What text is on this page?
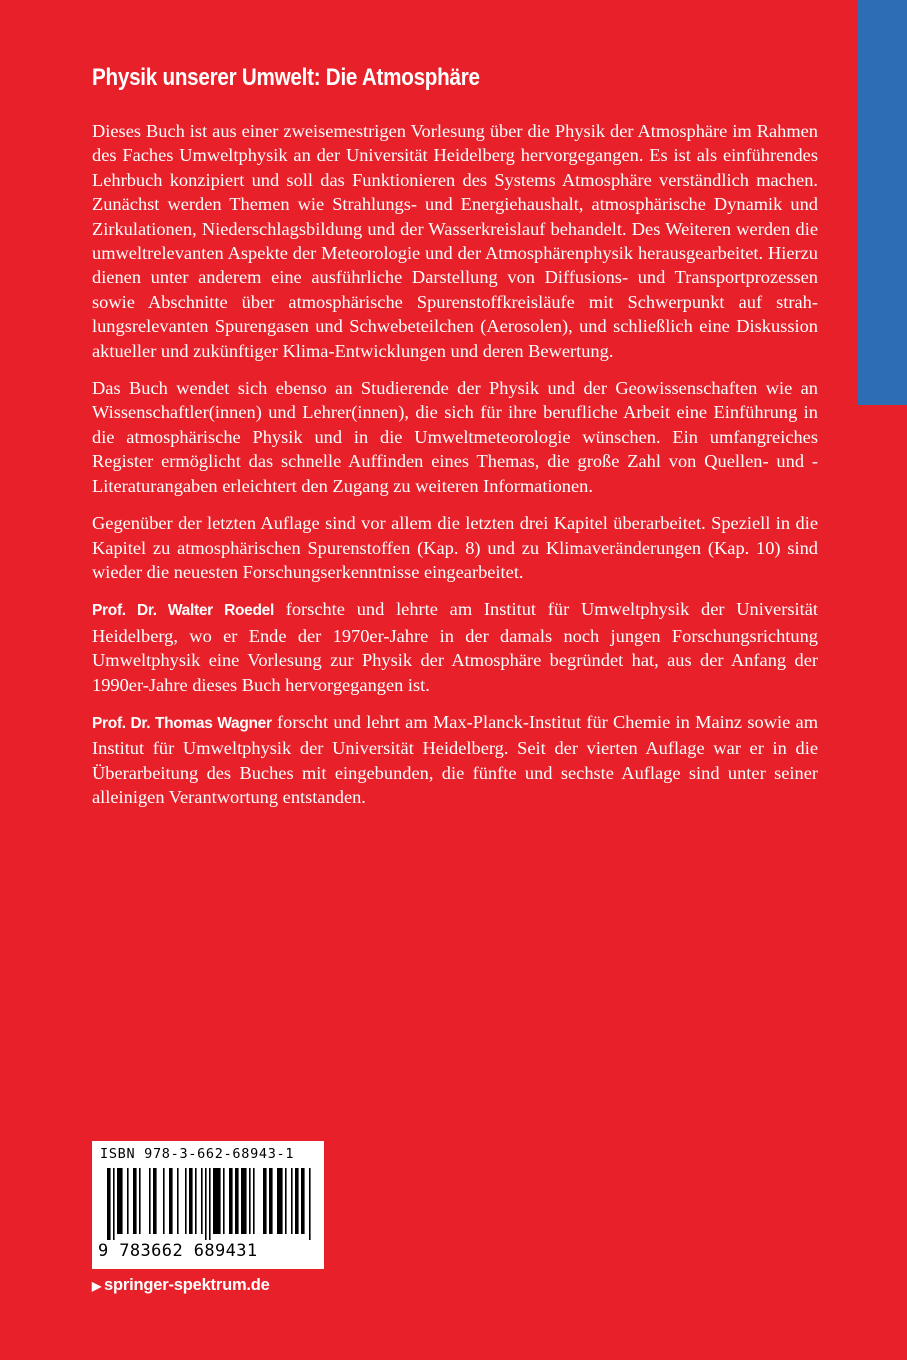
Physik unserer Umwelt: Die Atmosphäre

Dieses Buch ist aus einer zweisemestrigen Vorlesung über die Physik der Atmosphäre im Rahmen des Faches Umweltphysik an der Universität Heidelberg hervorgegangen. Es ist als einführendes Lehrbuch konzipiert und soll das Funktionieren des Systems Atmosphäre verständlich machen. Zunächst werden Themen wie Strahlungs- und Energiehaushalt, atmosphärische Dynamik und Zirkulationen, Niederschlagsbildung und der Wasserkreislauf behandelt. Des Weiteren werden die umweltrelevanten Aspekte der Meteorologie und der Atmosphärenphysik herausgearbeitet. Hierzu dienen unter anderem eine ausführliche Darstellung von Diffusions- und Transportprozessen sowie Abschnitte über atmosphärische Spurenstoffkreisläufe mit Schwerpunkt auf strahlungsrelevanten Spurengasen und Schwebeteilchen (Aerosolen), und schließlich eine Diskussion aktueller und zukünftiger Klima-Entwicklungen und deren Bewertung.

Das Buch wendet sich ebenso an Studierende der Physik und der Geowissenschaften wie an Wissenschaftler(innen) und Lehrer(innen), die sich für ihre berufliche Arbeit eine Einführung in die atmosphärische Physik und in die Umweltmeteorologie wünschen. Ein umfangreiches Register ermöglicht das schnelle Auffinden eines Themas, die große Zahl von Quellen- und -Literaturangaben erleichtert den Zugang zu weiteren Informationen.

Gegenüber der letzten Auflage sind vor allem die letzten drei Kapitel überarbeitet. Speziell in die Kapitel zu atmosphärischen Spurenstoffen (Kap. 8) und zu Klimaveränderungen (Kap. 10) sind wieder die neuesten Forschungserkenntnisse eingearbeitet.

Prof. Dr. Walter Roedel forschte und lehrte am Institut für Umweltphysik der Universität Heidelberg, wo er Ende der 1970er-Jahre in der damals noch jungen Forschungsrichtung Umweltphysik eine Vorlesung zur Physik der Atmosphäre begründet hat, aus der Anfang der 1990er-Jahre dieses Buch hervorgegangen ist.

Prof. Dr. Thomas Wagner forscht und lehrt am Max-Planck-Institut für Chemie in Mainz sowie am Institut für Umweltphysik der Universität Heidelberg. Seit der vierten Auflage war er in die Überarbeitung des Buches mit eingebunden, die fünfte und sechste Auflage sind unter seiner alleinigen Verantwortung entstanden.

ISBN 978-3-662-68943-1
9 783662 689431
▶ springer-spektrum.de
